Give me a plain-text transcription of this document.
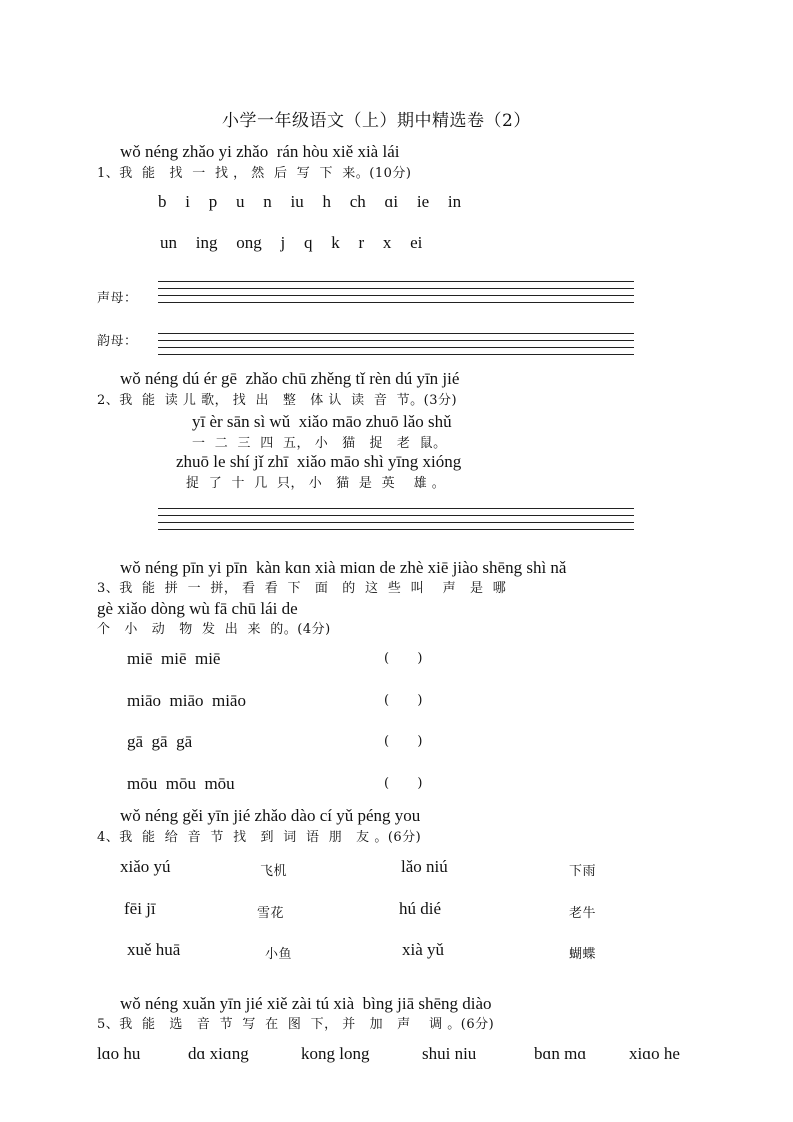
小学一年级语文（上）期中精选卷（2）
wǒ néng zhǎo yi zhǎo  rán hòu xiě xià lái
1、我  能   找  一  找 ， 然  后  写  下  来。(10分)
b   i   p   u   n   iu   h   ch   ɑi   ie   in
un   ing   ong   j   q   k   r   x   ei
声母：
韵母：
wǒ néng dú ér gē  zhǎo chū zhěng tǐ rèn dú yīn jié
2、我  能  读 儿 歌， 找  出   整   体 认  读  音  节。(3分)
yī èr sān sì wǔ  xiǎo māo zhuō lǎo shǔ
一  二  三  四  五， 小   猫   捉   老  鼠。
zhuō le shí jǐ zhī  xiǎo māo shì yīng xióng
捉  了  十  几  只， 小   猫  是  英    雄 。
wǒ néng pīn yi pīn  kàn kɑn xià miɑn de zhè xiē jiào shēng shì nǎ
3、我  能  拼  一  拼， 看  看  下   面   的  这  些  叫    声   是  哪
gè xiǎo dòng wù fā chū lái de
个   小   动   物  发  出  来  的。(4分)
miē  miē  miē	(      )
miāo  miāo  miāo	(      )
gā  gā  gā	(      )
mōu  mōu  mōu	(      )
wǒ néng gěi yīn jié zhǎo dào cí yǔ péng you
4、我  能  给  音  节  找   到  词  语  朋   友 。(6分)
xiǎo yú	飞机	lǎo niú	下雨
fēi jī	雪花	hú dié	老牛
xuě huā	小鱼	xià yǔ	蝴蝶
wǒ néng xuǎn yīn jié xiě zài tú xià  bìng jiā shēng diào
5、我  能   选   音  节  写  在  图  下， 并   加   声    调 。(6分)
lɑo hu	dɑ xiɑng	kong long	shui niu	bɑn mɑ	xiɑo he
